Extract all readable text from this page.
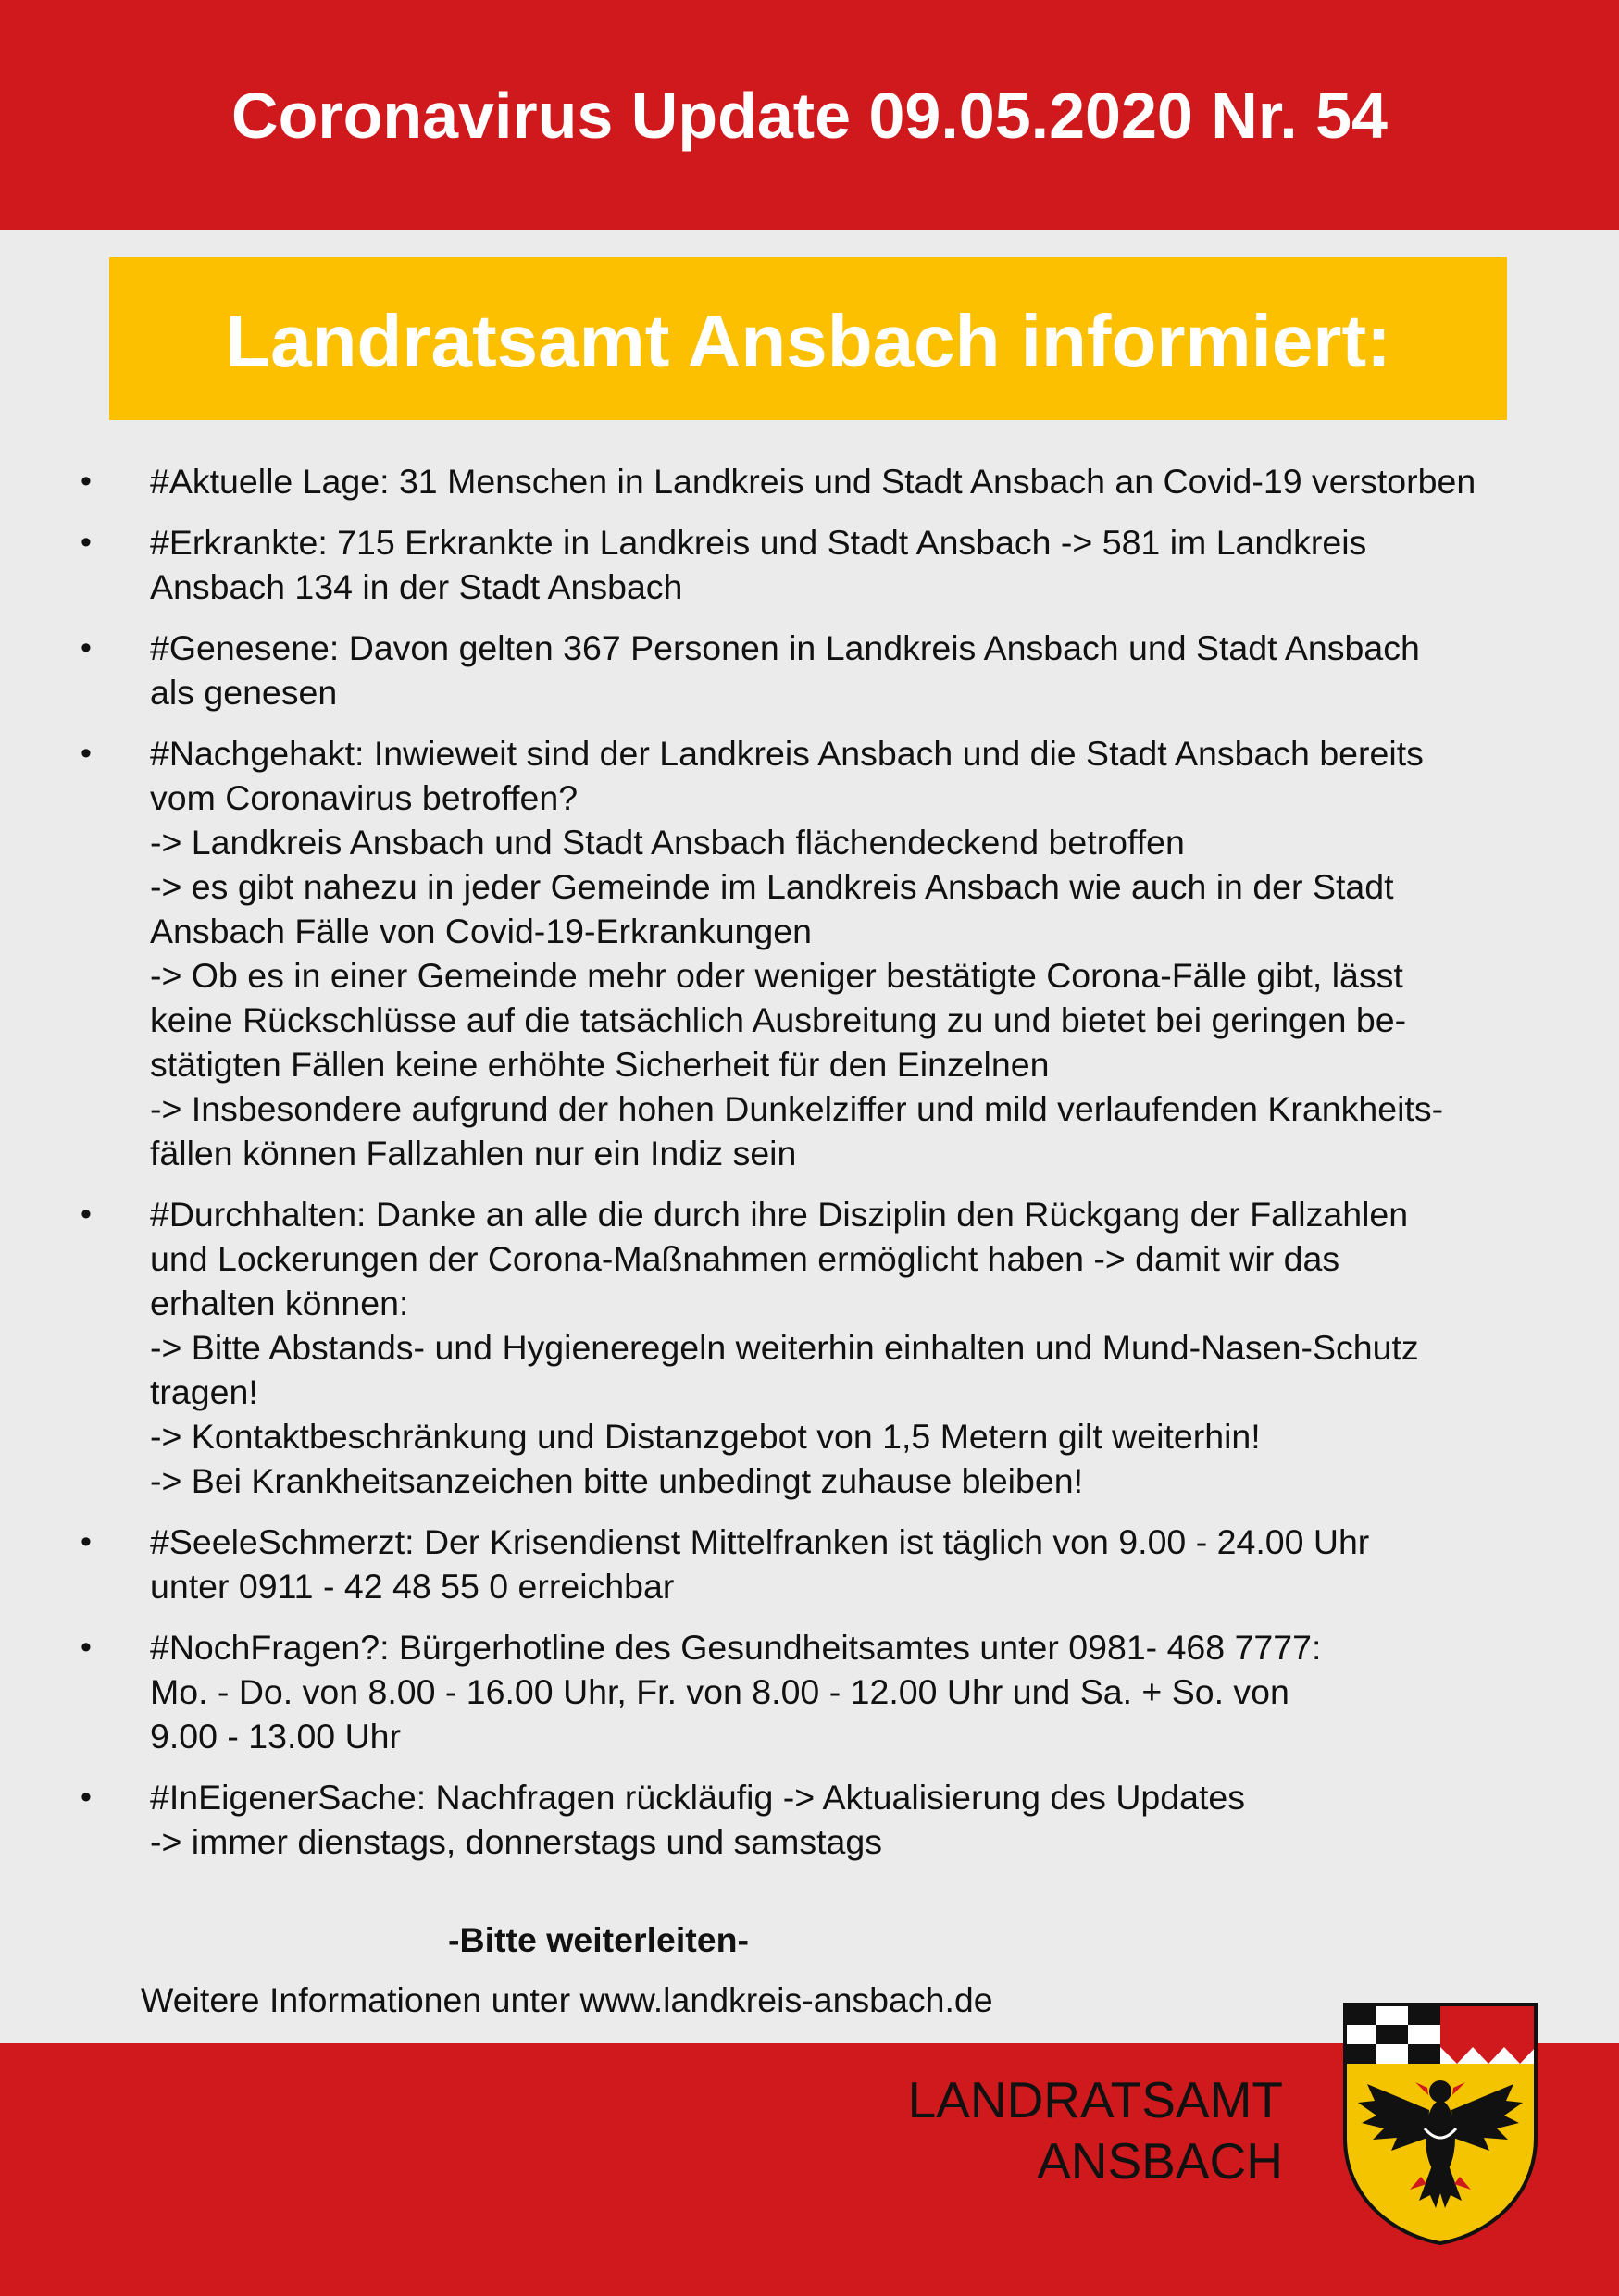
Coronavirus Update 09.05.2020 Nr. 54
Landratsamt Ansbach informiert:
• #Aktuelle Lage: 31 Menschen in Landkreis und Stadt Ansbach an Covid-19 verstorben
• #Erkrankte: 715 Erkrankte in Landkreis und Stadt Ansbach -> 581 im Landkreis
Ansbach 134 in der Stadt Ansbach
• #Genesene: Davon gelten 367 Personen in Landkreis Ansbach und Stadt Ansbach
als genesen
• #Nachgehakt: Inwieweit sind der Landkreis Ansbach und die Stadt Ansbach bereits
vom Coronavirus betroffen?
-> Landkreis Ansbach und Stadt Ansbach flächendeckend betroffen
-> es gibt nahezu in jeder Gemeinde im Landkreis Ansbach wie auch in der Stadt
Ansbach Fälle von Covid-19-Erkrankungen
-> Ob es in einer Gemeinde mehr oder weniger bestätigte Corona-Fälle gibt, lässt
keine Rückschlüsse auf die tatsächlich Ausbreitung zu und bietet bei geringen be-
stätigten Fällen keine erhöhte Sicherheit für den Einzelnen
-> Insbesondere aufgrund der hohen Dunkelziffer und mild verlaufenden Krankheits-
fällen können Fallzahlen nur ein Indiz sein
• #Durchhalten: Danke an alle die durch ihre Disziplin den Rückgang der Fallzahlen
und Lockerungen der Corona-Maßnahmen ermöglicht haben -> damit wir das
erhalten können:
-> Bitte Abstands- und Hygieneregeln weiterhin einhalten und Mund-Nasen-Schutz
tragen!
-> Kontaktbeschränkung und Distanzgebot von 1,5 Metern gilt weiterhin!
-> Bei Krankheitsanzeichen bitte unbedingt zuhause bleiben!
• #SeeleSchmerzt: Der Krisendienst Mittelfranken ist täglich von 9.00 - 24.00 Uhr
unter 0911 - 42 48 55 0 erreichbar
• #NochFragen?: Bürgerhotline des Gesundheitsamtes unter 0981- 468 7777:
Mo. - Do. von 8.00 - 16.00 Uhr, Fr. von 8.00 - 12.00 Uhr und Sa. + So. von
9.00 - 13.00 Uhr
• #InEigenerSache: Nachfragen rückläufig -> Aktualisierung des Updates
-> immer dienstags, donnerstags und samstags
-Bitte weiterleiten-
Weitere Informationen unter www.landkreis-ansbach.de
LANDRATSAMT
ANSBACH
